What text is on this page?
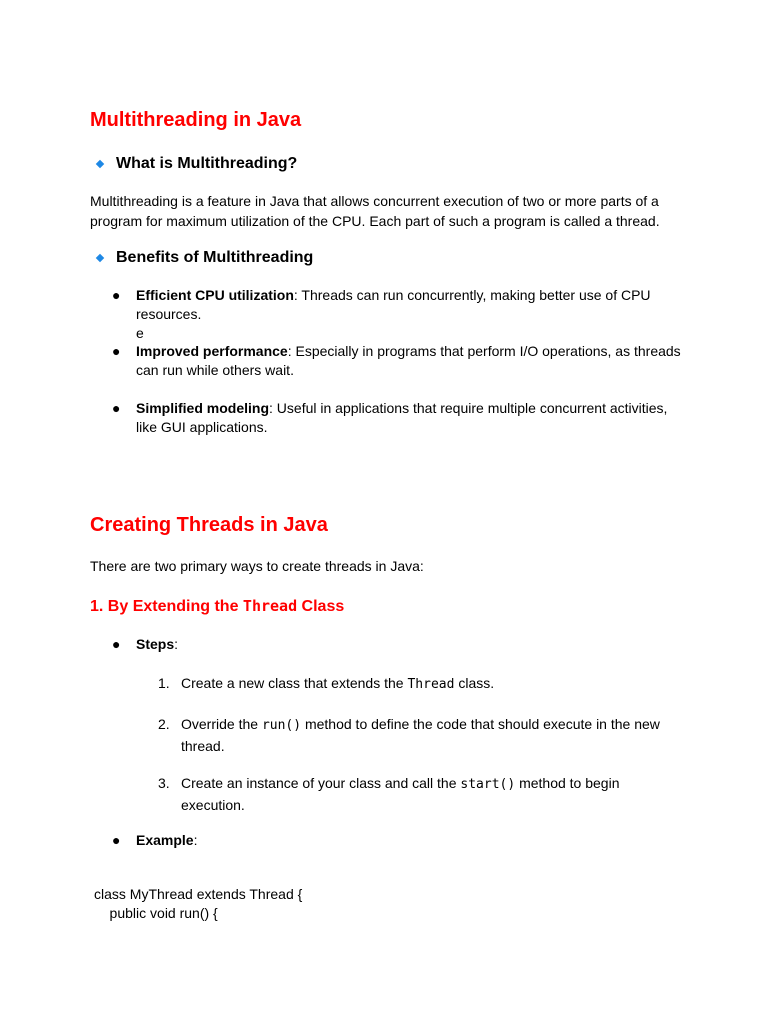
Multithreading in Java
What is Multithreading?
Multithreading is a feature in Java that allows concurrent execution of two or more parts of a program for maximum utilization of the CPU. Each part of such a program is called a thread.
Benefits of Multithreading
●	Efficient CPU utilization: Threads can run concurrently, making better use of CPU resources.
e
●	Improved performance: Especially in programs that perform I/O operations, as threads can run while others wait.
●	Simplified modeling: Useful in applications that require multiple concurrent activities, like GUI applications.
Creating Threads in Java
There are two primary ways to create threads in Java:
1. By Extending the Thread Class
●	Steps:
1. Create a new class that extends the Thread class.
2. Override the run() method to define the code that should execute in the new thread.
3. Create an instance of your class and call the start() method to begin execution.
●	Example:
class MyThread extends Thread {
public void run() {
